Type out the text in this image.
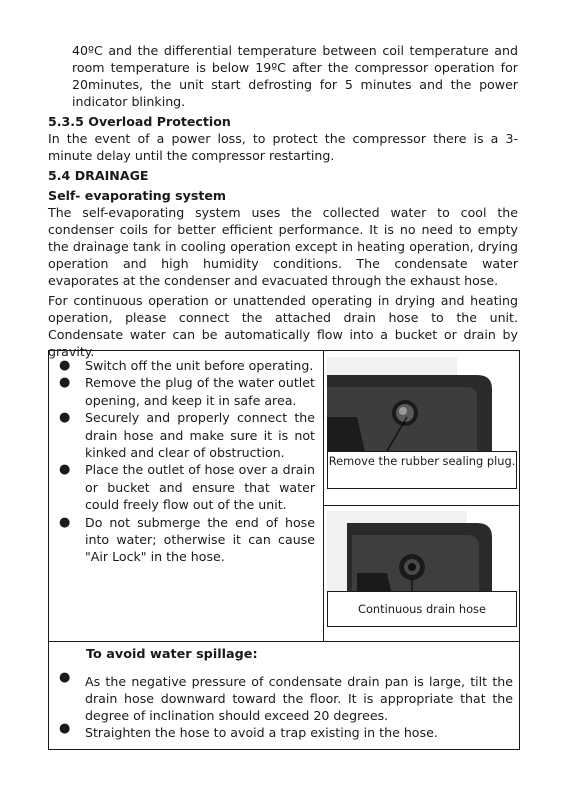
40ºC and the differential temperature between coil temperature and room temperature is below 19ºC after the compressor operation for 20minutes, the unit start defrosting for 5 minutes and the power indicator blinking.

5.3.5 Overload Protection

In the event of a power loss, to protect the compressor there is a 3-minute delay until the compressor restarting.

5.4 DRAINAGE

Self- evaporating system

The self-evaporating system uses the collected water to cool the condenser coils for better efficient performance. It is no need to empty the drainage tank in cooling operation except in heating operation, drying operation and high humidity conditions. The condensate water evaporates at the condenser and evacuated through the exhaust hose.

For continuous operation or unattended operating in drying and heating operation, please connect the attached drain hose to the unit. Condensate water can be automatically flow into a bucket or drain by gravity.

● Switch off the unit before operating.
● Remove the plug of the water outlet opening, and keep it in safe area.
● Securely and properly connect the drain hose and make sure it is not kinked and clear of obstruction.
● Place the outlet of hose over a drain or bucket and ensure that water could freely flow out of the unit.
● Do not submerge the end of hose into water; otherwise it can cause "Air Lock" in the hose.
Remove the rubber sealing plug.
Continuous drain hose
To avoid water spillage:
● As the negative pressure of condensate drain pan is large, tilt the drain hose downward toward the floor. It is appropriate that the degree of inclination should exceed 20 degrees.
● Straighten the hose to avoid a trap existing in the hose.
